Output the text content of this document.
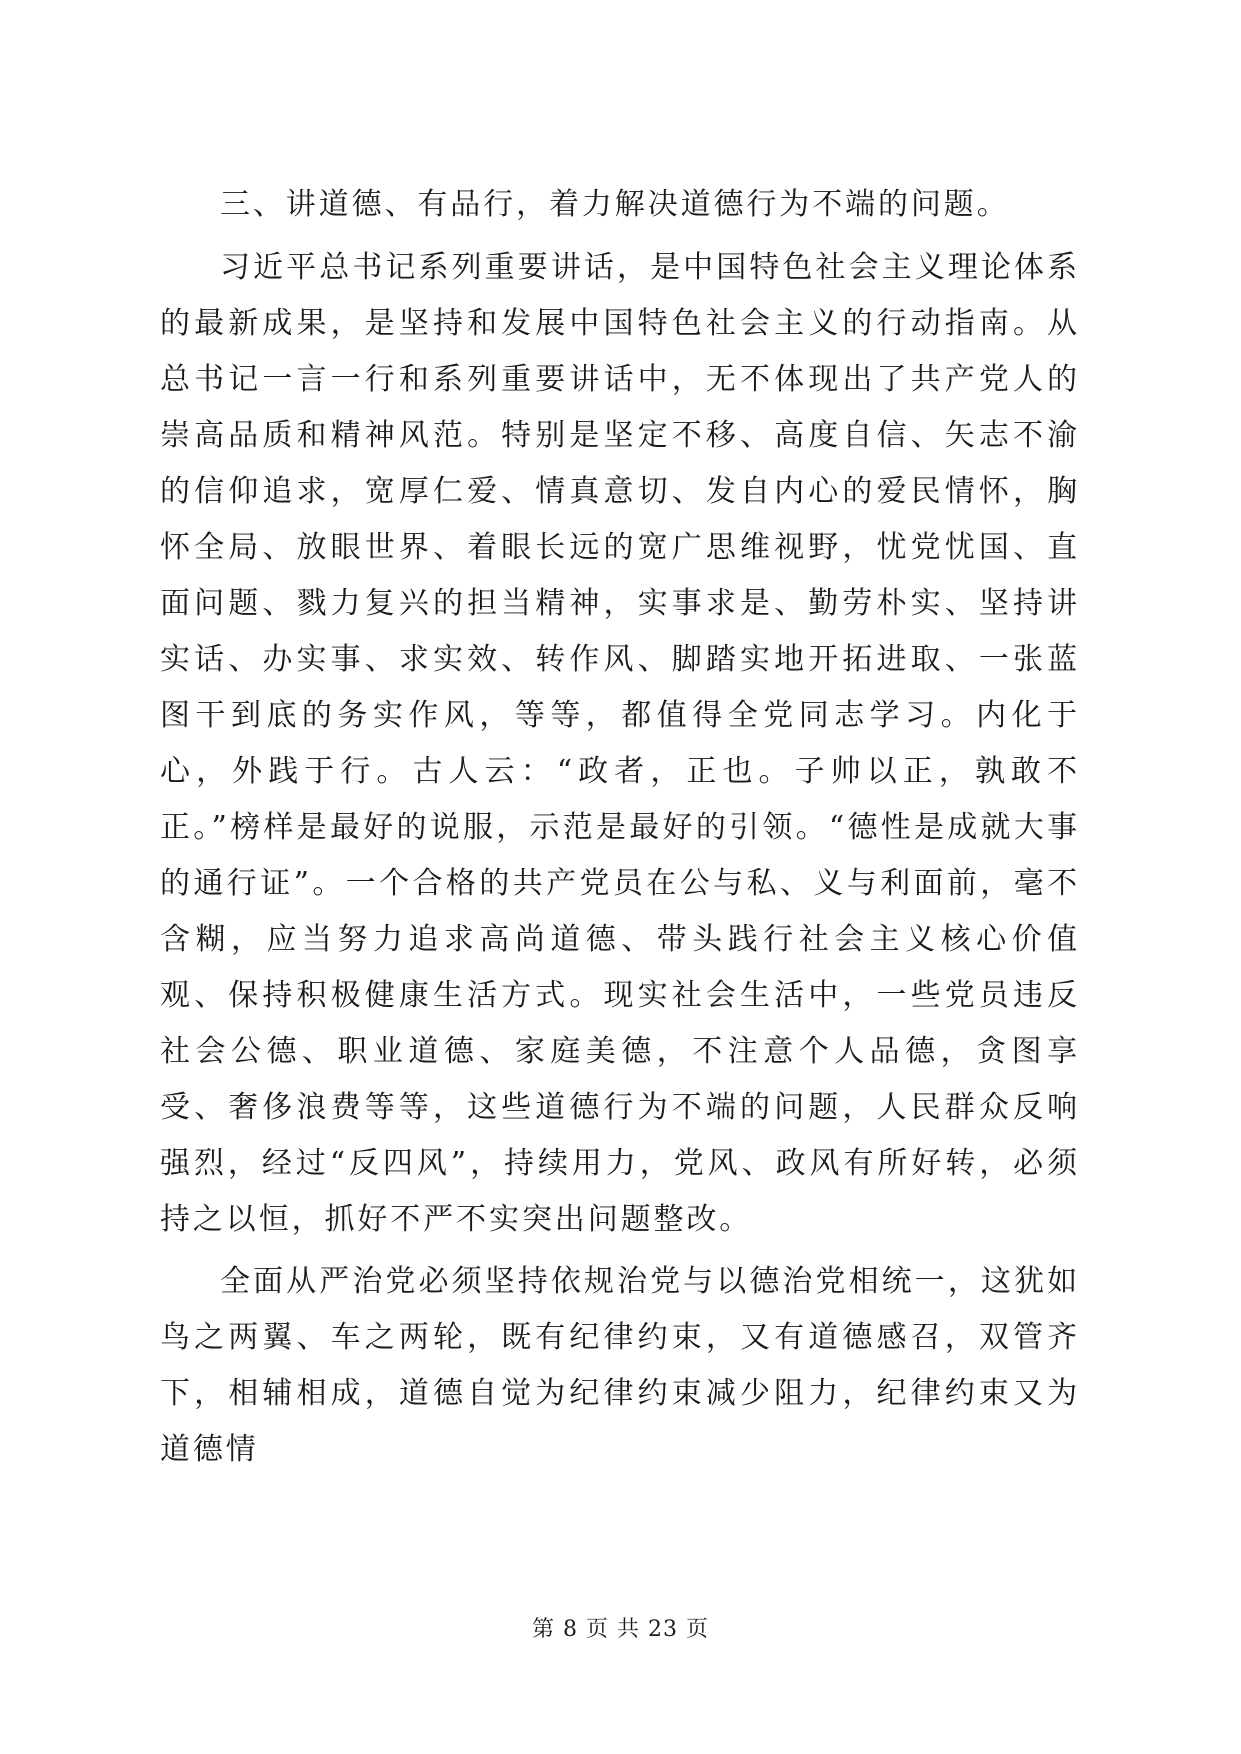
三、讲道德、有品行，着力解决道德行为不端的问题。

习近平总书记系列重要讲话，是中国特色社会主义理论体系的最新成果，是坚持和发展中国特色社会主义的行动指南。从总书记一言一行和系列重要讲话中，无不体现出了共产党人的崇高品质和精神风范。特别是坚定不移、高度自信、矢志不渝的信仰追求，宽厚仁爱、情真意切、发自内心的爱民情怀，胸怀全局、放眼世界、着眼长远的宽广思维视野，忧党忧国、直面问题、戮力复兴的担当精神，实事求是、勤劳朴实、坚持讲实话、办实事、求实效、转作风、脚踏实地开拓进取、一张蓝图干到底的务实作风，等等，都值得全党同志学习。内化于心，外践于行。古人云：“政者，正也。子帅以正，孰敢不正。”榜样是最好的说服，示范是最好的引领。“德性是成就大事的通行证”。一个合格的共产党员在公与私、义与利面前，毫不含糊，应当努力追求高尚道德、带头践行社会主义核心价值观、保持积极健康生活方式。现实社会生活中，一些党员违反社会公德、职业道德、家庭美德，不注意个人品德，贪图享受、奢侈浪费等等，这些道德行为不端的问题，人民群众反响强烈，经过“反四风”，持续用力，党风、政风有所好转，必须持之以恒，抓好不严不实突出问题整改。

全面从严治党必须坚持依规治党与以德治党相统一，这犹如鸟之两翼、车之两轮，既有纪律约束，又有道德感召，双管齐下，相辅相成，道德自觉为纪律约束减少阻力，纪律约束又为道德情

第 8 页 共 23 页
